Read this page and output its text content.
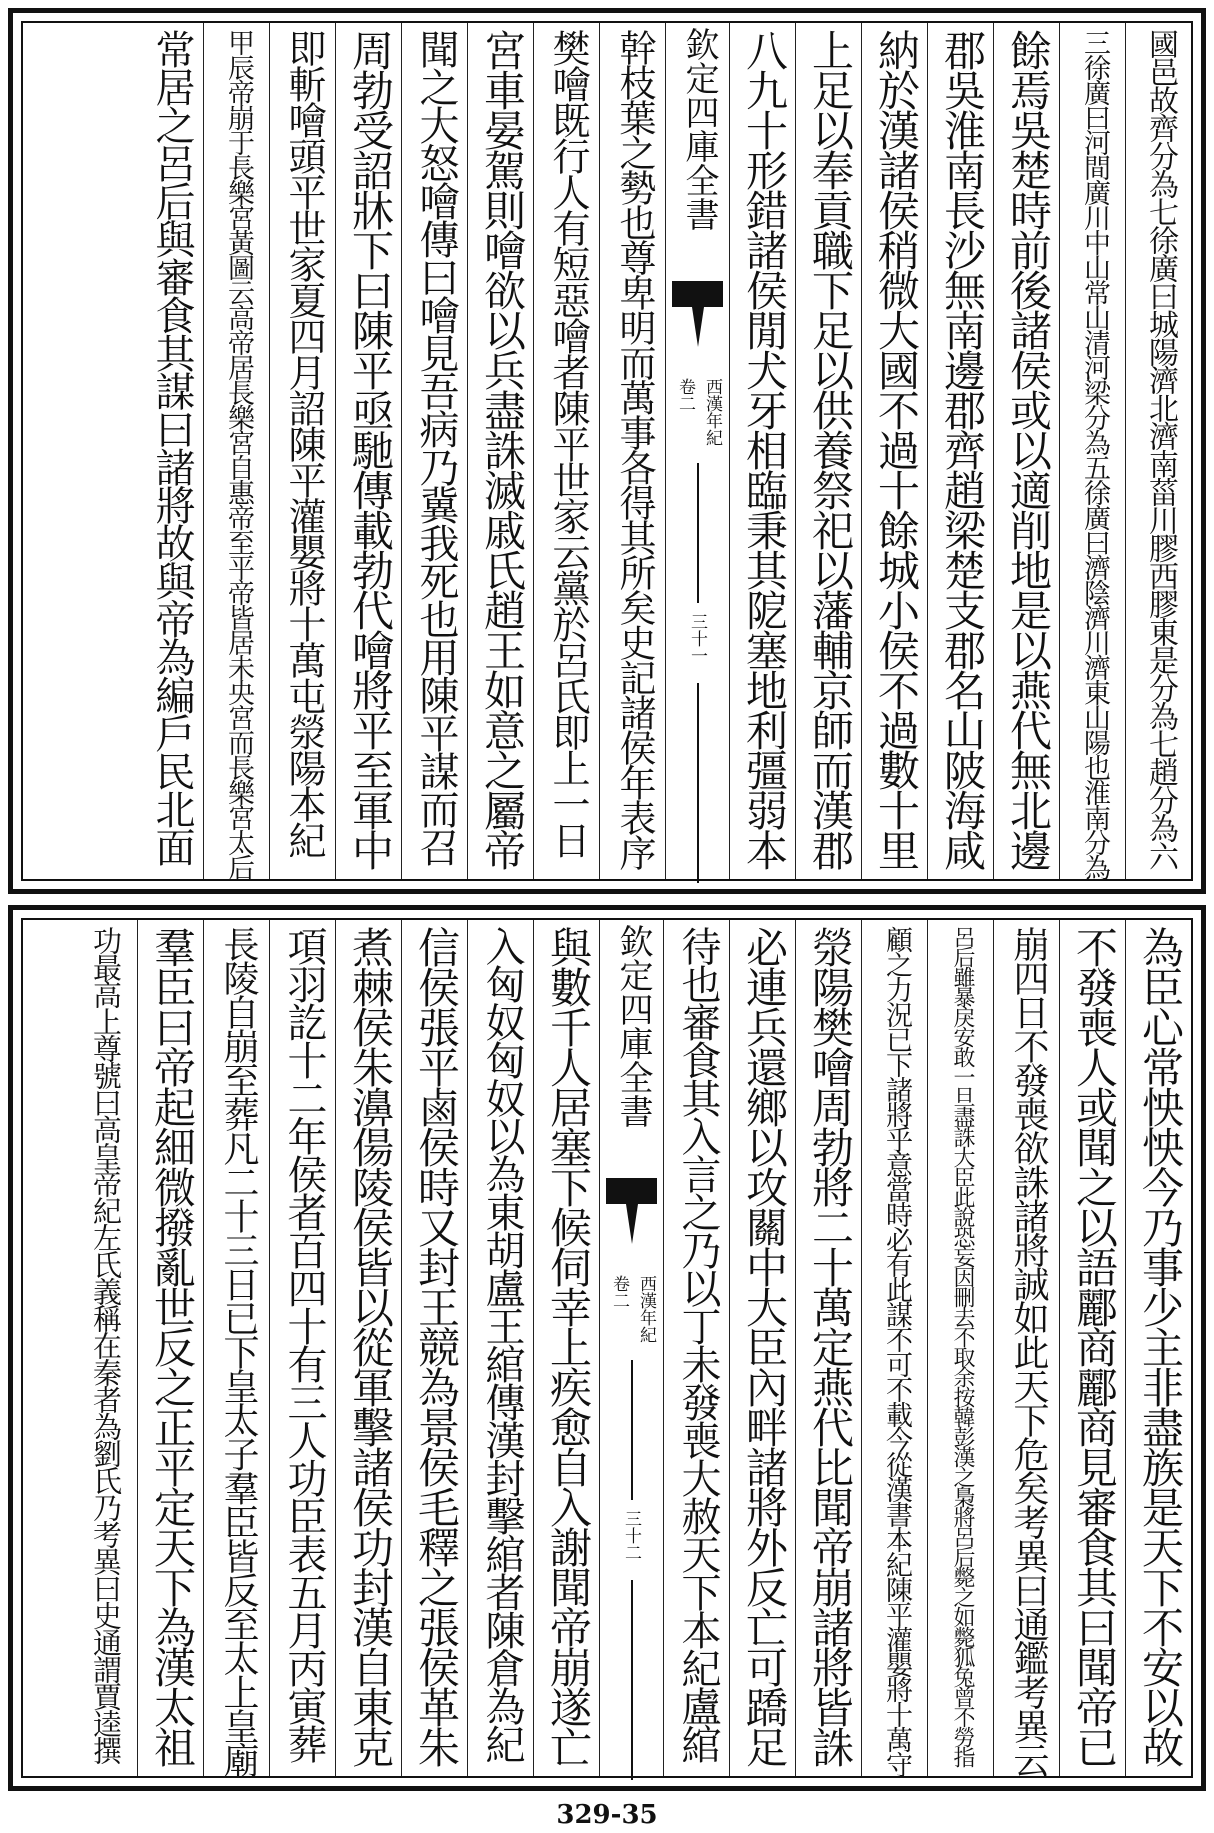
國邑故齊分為七徐廣曰城陽濟北濟南菑川膠西膠東是分為七趙分為六
三徐廣曰河間廣川中山常山清河梁分為五徐廣曰濟陰濟川濟東山陽也淮南分為
餘焉吳楚時前後諸侯或以適削地是以燕代無北邊
郡吳淮南長沙無南邊郡齊趙梁楚支郡名山陂海咸
納於漢諸侯稍微大國不過十餘城小侯不過數十里
上足以奉貢職下足以供養祭祀以藩輔京師而漢郡
八九十形錯諸侯閒犬牙相臨秉其阸塞地利彊弱本
欽定四庫全書
西漢年紀
卷二
三十一
幹枝葉之勢也尊卑明而萬事各得其所矣史記諸侯年表序
樊噲既行人有短惡噲者陳平世家云黨於呂氏即上一日
宮車晏駕則噲欲以兵盡誅滅戚氏趙王如意之屬帝
聞之大怒噲傳曰噲見吾病乃冀我死也用陳平謀而召
周勃受詔牀下曰陳平亟馳傳載勃代噲將平至軍中
即斬噲頭平世家夏四月詔陳平灌嬰將十萬屯滎陽本紀
甲辰帝崩于長樂宮黃圖云高帝居長樂宮自惠帝至平帝皆居未央宮而長樂宮太后
常居之呂后與審食其謀曰諸將故與帝為編戶民北面
為臣心常怏怏今乃事少主非盡族是天下不安以故
不發喪人或聞之以語酈商酈商見審食其曰聞帝已
崩四日不發喪欲誅諸將誠如此天下危矣考異曰通鑑考異云
呂后雖暴戾安敢一旦盡誅大臣此說恐妄因刪去不取余按韓彭漢之梟將呂后斃之如斃狐兔曾不勞指
顧之力況已下諸將乎意當時必有此謀不可不載今從漢書本紀陳平灌嬰將十萬守
滎陽樊噲周勃將二十萬定燕代比聞帝崩諸將皆誅
必連兵還鄉以攻關中大臣內畔諸將外反亡可蹻足
待也審食其入言之乃以丁未發喪大赦天下本紀盧綰
欽定四庫全書
西漢年紀
卷二
三十二
與數千人居塞下候伺幸上疾愈自入謝聞帝崩遂亡
入匈奴匈奴以為東胡盧王綰傳漢封擊綰者陳倉為紀
信侯張平鹵侯時又封王競為景侯毛釋之張侯革朱
煮棘侯朱濞偒陵侯皆以從軍擊諸侯功封漢自東克
項羽訖十二年侯者百四十有三人功臣表五月丙寅葬
長陵自崩至葬凡二十三日已下皇太子羣臣皆反至太上皇廟
羣臣曰帝起細微撥亂世反之正平定天下為漢太祖
功最高上尊號曰高皇帝紀左氏義稱在秦者為劉氏乃考異曰史通謂賈逵撰
329-35
